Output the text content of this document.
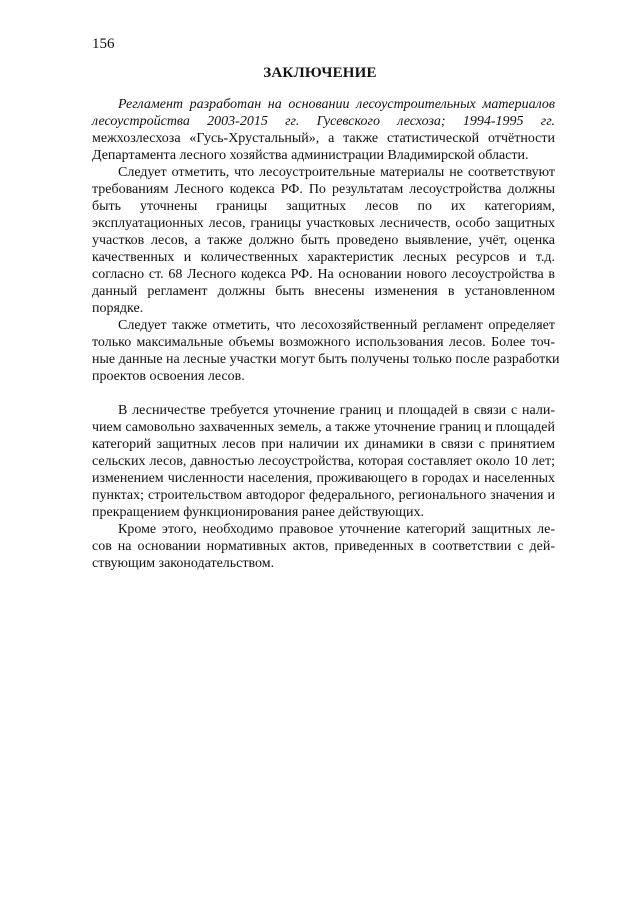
156
ЗАКЛЮЧЕНИЕ
Регламент разработан на основании лесоустроительных материалов
лесоустройства 2003-2015 гг. Гусевского лесхоза; 1994-1995 гг.
межхозлесхоза «Гусь-Хрустальный», а также статистической отчётности
Департамента лесного хозяйства администрации Владимирской области.
Следует отметить, что лесоустроительные материалы не соответствуют
требованиям Лесного кодекса РФ. По результатам лесоустройства должны
быть уточнены границы защитных лесов по их категориям,
эксплуатационных лесов, границы участковых лесничеств, особо защитных
участков лесов, а также должно быть проведено выявление, учёт, оценка
качественных и количественных характеристик лесных ресурсов и т.д.
согласно ст. 68 Лесного кодекса РФ. На основании нового лесоустройства в
данный регламент должны быть внесены изменения в установленном
порядке.
Следует также отметить, что лесохозяйственный регламент определяет
только максимальные объемы возможного использования лесов. Более точ-
ные данные на лесные участки могут быть получены только после разработки
проектов освоения лесов.
В лесничестве требуется уточнение границ и площадей в связи с нали-
чием самовольно захваченных земель, а также уточнение границ и площадей
категорий защитных лесов при наличии их динамики в связи с принятием
сельских лесов, давностью лесоустройства, которая составляет около 10 лет;
изменением численности населения, проживающего в городах и населенных
пунктах; строительством автодорог федерального, регионального значения и
прекращением функционирования ранее действующих.
Кроме этого, необходимо правовое уточнение категорий защитных ле-
сов на основании нормативных актов, приведенных в соответствии с дей-
ствующим законодательством.
